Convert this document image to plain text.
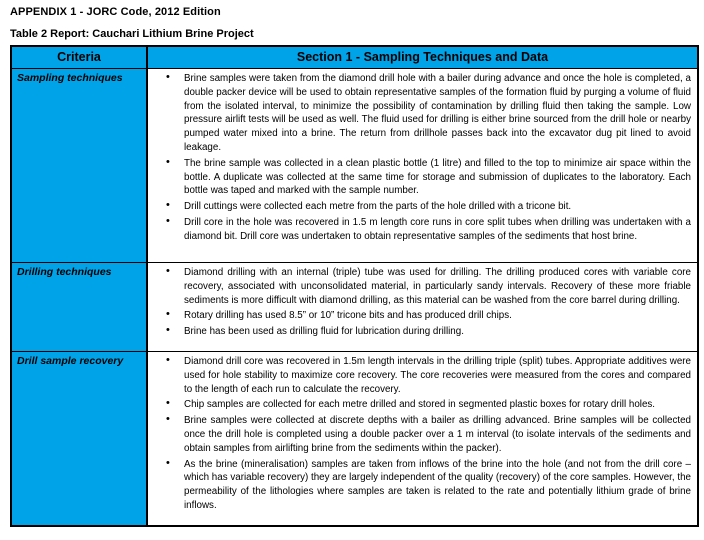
APPENDIX 1 - JORC Code, 2012 Edition
Table 2 Report: Cauchari Lithium Brine Project
Criteria	Section 1 - Sampling Techniques and Data
Sampling techniques	• Brine samples were taken from the diamond drill hole with a bailer during advance and once the hole is completed, a double packer device will be used to obtain representative samples of the formation fluid by purging a volume of fluid from the isolated interval, to minimize the possibility of contamination by drilling fluid then taking the sample. Low pressure airlift tests will be used as well. The fluid used for drilling is either brine sourced from the drill hole or nearby pumped water mixed into a brine. The return from drillhole passes back into the excavator dug pit lined to avoid leakage.
• The brine sample was collected in a clean plastic bottle (1 litre) and filled to the top to minimize air space within the bottle. A duplicate was collected at the same time for storage and submission of duplicates to the laboratory. Each bottle was taped and marked with the sample number.
• Drill cuttings were collected each metre from the parts of the hole drilled with a tricone bit.
• Drill core in the hole was recovered in 1.5 m length core runs in core split tubes when drilling was undertaken with a diamond bit. Drill core was undertaken to obtain representative samples of the sediments that host brine.
Drilling techniques	• Diamond drilling with an internal (triple) tube was used for drilling. The drilling produced cores with variable core recovery, associated with unconsolidated material, in particularly sandy intervals. Recovery of these more friable sediments is more difficult with diamond drilling, as this material can be washed from the core barrel during drilling.
• Rotary drilling has used 8.5” or 10” tricone bits and has produced drill chips.
• Brine has been used as drilling fluid for lubrication during drilling.
Drill sample recovery	• Diamond drill core was recovered in 1.5m length intervals in the drilling triple (split) tubes. Appropriate additives were used for hole stability to maximize core recovery. The core recoveries were measured from the cores and compared to the length of each run to calculate the recovery.
• Chip samples are collected for each metre drilled and stored in segmented plastic boxes for rotary drill holes.
• Brine samples were collected at discrete depths with a bailer as drilling advanced. Brine samples will be collected once the drill hole is completed using a double packer over a 1 m interval (to isolate intervals of the sediments and obtain samples from airlifting brine from the sediments within the packer).
• As the brine (mineralisation) samples are taken from inflows of the brine into the hole (and not from the drill core – which has variable recovery) they are largely independent of the quality (recovery) of the core samples. However, the permeability of the lithologies where samples are taken is related to the rate and potentially lithium grade of brine inflows.
